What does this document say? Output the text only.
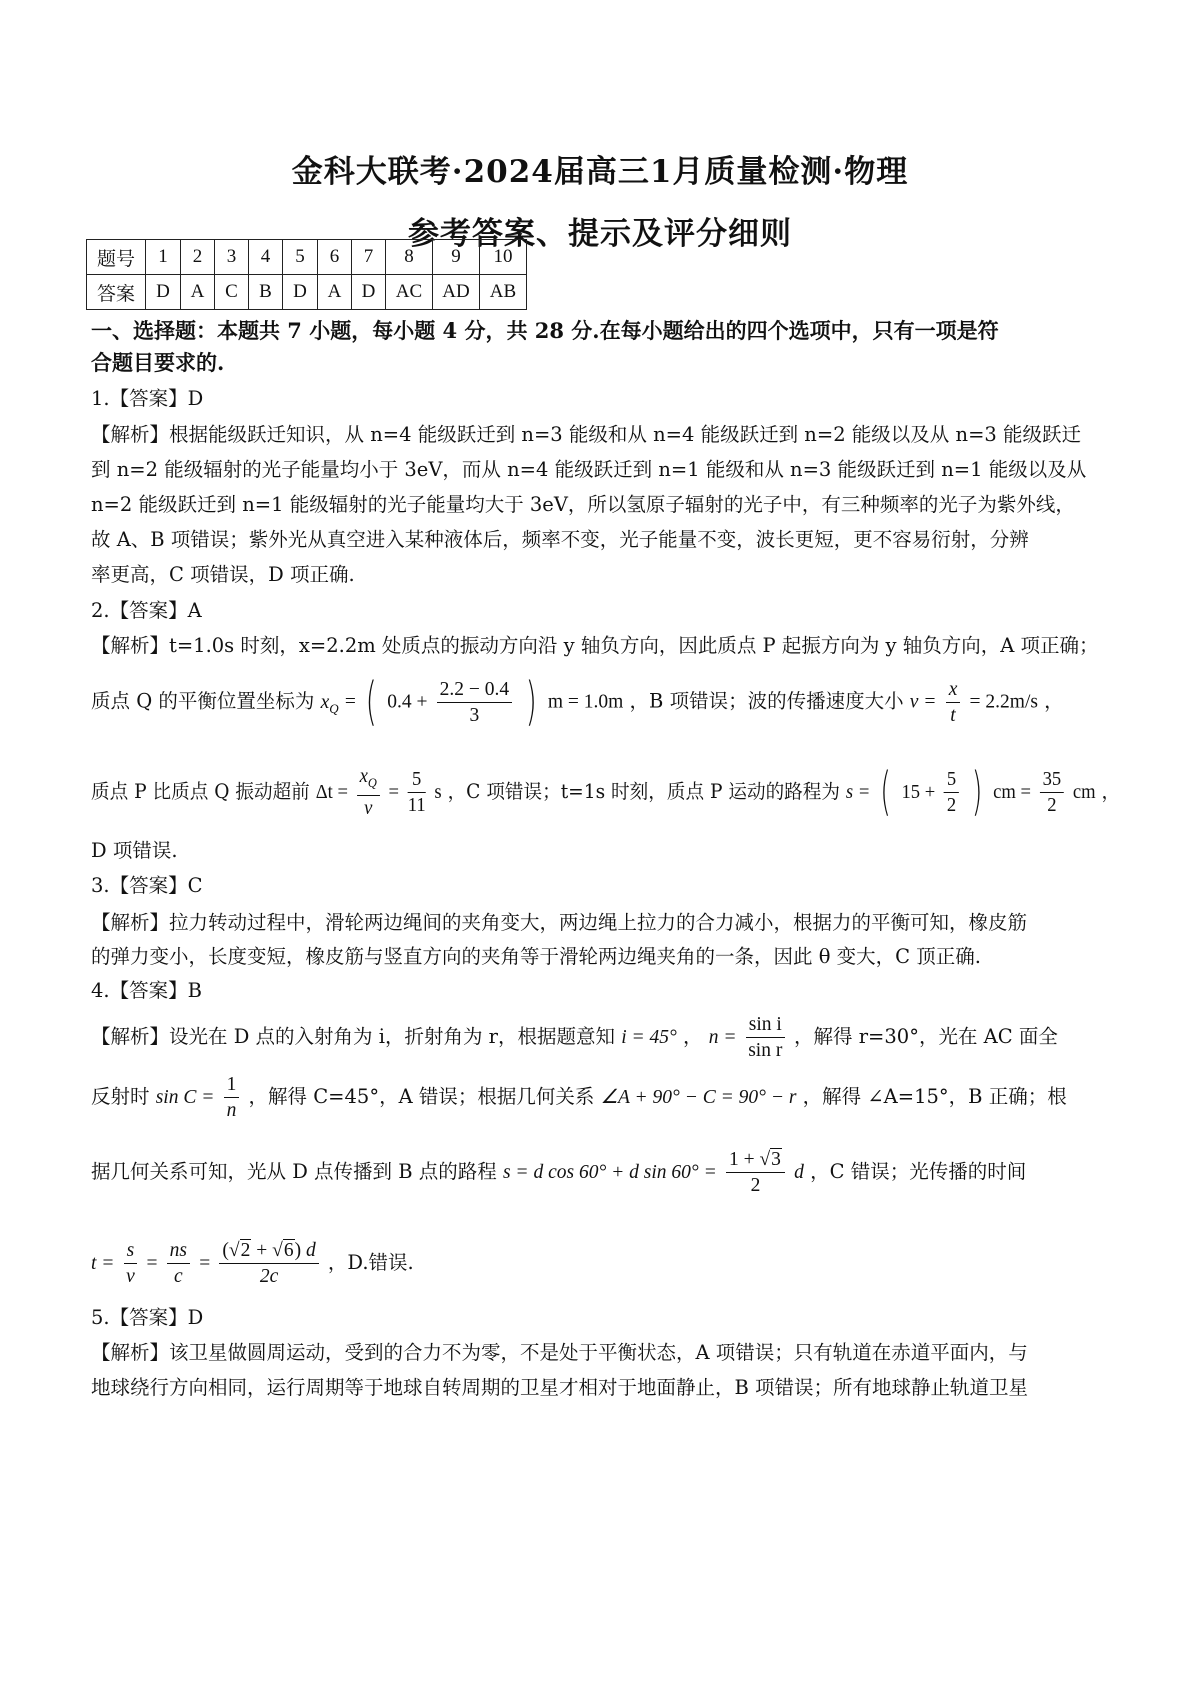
金科大联考·2024届高三1月质量检测·物理
参考答案、提示及评分细则
题号	1	2	3	4	5	6	7	8	9	10
答案	D	A	C	B	D	A	D	AC	AD	AB
一、选择题：本题共 7 小题，每小题 4 分，共 28 分.在每小题给出的四个选项中，只有一项是符
合题目要求的.
1.【答案】D
【解析】根据能级跃迁知识，从 n=4 能级跃迁到 n=3 能级和从 n=4 能级跃迁到 n=2 能级以及从 n=3 能级跃迁
到 n=2 能级辐射的光子能量均小于 3eV，而从 n=4 能级跃迁到 n=1 能级和从 n=3 能级跃迁到 n=1 能级以及从
n=2 能级跃迁到 n=1 能级辐射的光子能量均大于 3eV，所以氢原子辐射的光子中，有三种频率的光子为紫外线，
故 A、B 项错误；紫外光从真空进入某种液体后，频率不变，光子能量不变，波长更短，更不容易衍射，分辨
率更高，C 项错误，D 项正确.
2.【答案】A
【解析】t=1.0s 时刻，x=2.2m 处质点的振动方向沿 y 轴负方向，因此质点 P 起振方向为 y 轴负方向，A 项正确；
质点 Q 的平衡位置坐标为 $x_Q$ = ( $0.4 + \frac{2.2 - 0.4}{3}$ ) m = 1.0m ，B 项错误；波的传播速度大小 $v = \frac{x}{t} = 2.2m/s$ ，
质点 P 比质点 Q 振动超前 $\Delta t = \frac{x_Q}{v} = \frac{5}{11}$ s ，C 项错误；t=1s 时刻，质点 P 运动的路程为 s = ( $15 + \frac{5}{2}$ ) cm = $\frac{35}{2}$ cm ，
D 项错误.
3.【答案】C
【解析】拉力转动过程中，滑轮两边绳间的夹角变大，两边绳上拉力的合力减小，根据力的平衡可知，橡皮筋
的弹力变小，长度变短，橡皮筋与竖直方向的夹角等于滑轮两边绳夹角的一条，因此 θ 变大，C 顶正确.
4.【答案】B
【解析】设光在 D 点的入射角为 i，折射角为 r，根据题意知 i = 45° ， $n = \frac{\text{sin i}}{\text{sin r}}$ ，解得 r=30°，光在 AC 面全
反射时 $\sin C = \frac{1}{n}$ ，解得 C=45°，A 错误；根据几何关系 ∠A + 90° − C = 90° − r ，解得 ∠A=15°，B 正确；根
据几何关系可知，光从 D 点传播到 B 点的路程 s = d cos 60° + d $\sin 60^\circ = \frac{1 + √3}{2}$ d ，C 错误；光传播的时间
$t = \frac{s}{v} = \frac{ns}{c} = \frac{(√2 + √6) d}{2c}$ ，D.错误.
5.【答案】D
【解析】该卫星做圆周运动，受到的合力不为零，不是处于平衡状态，A 项错误；只有轨道在赤道平面内，与
地球绕行方向相同，运行周期等于地球自转周期的卫星才相对于地面静止，B 项错误；所有地球静止轨道卫星
